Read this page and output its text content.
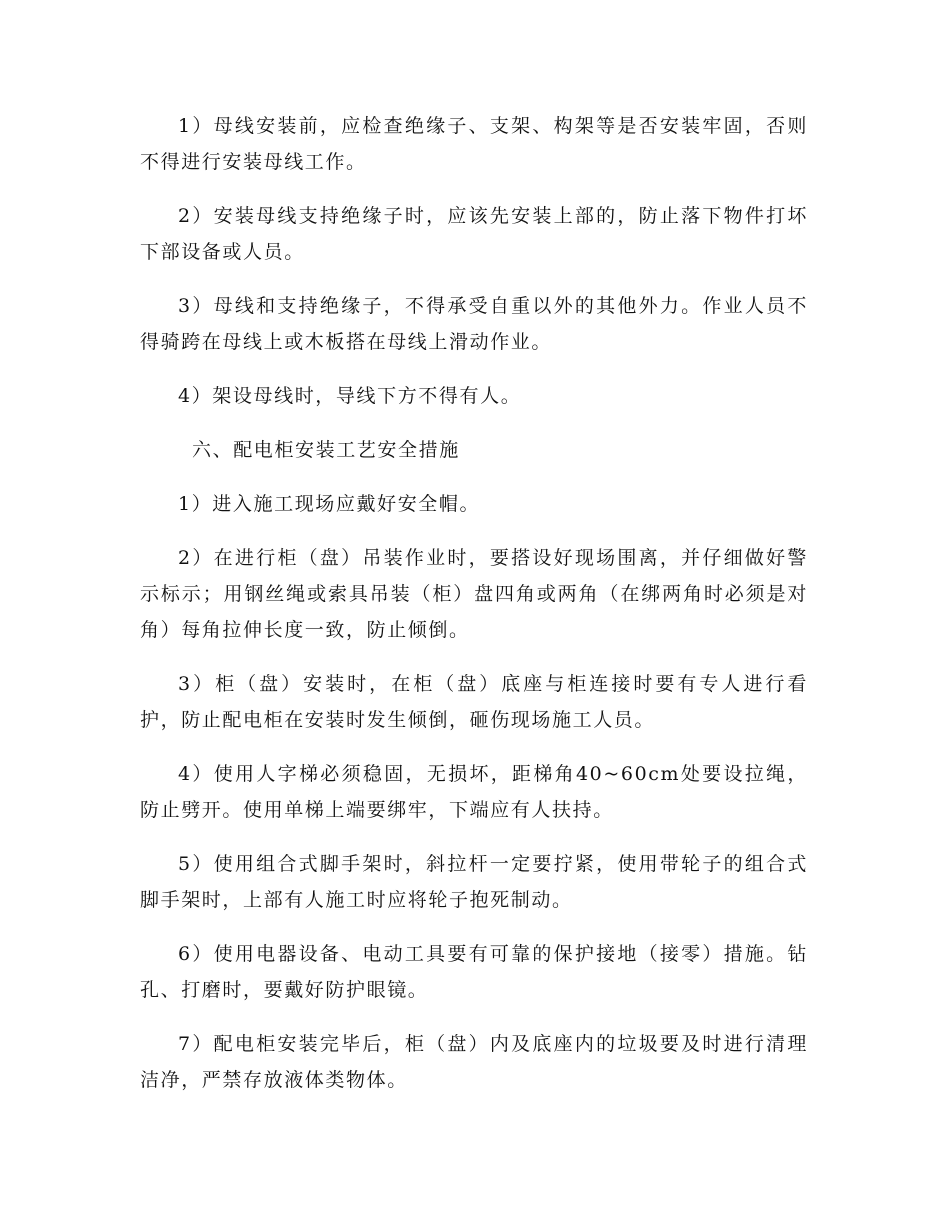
1）母线安装前，应检查绝缘子、支架、构架等是否安装牢固，否则不得进行安装母线工作。

2）安装母线支持绝缘子时，应该先安装上部的，防止落下物件打坏下部设备或人员。

3）母线和支持绝缘子，不得承受自重以外的其他外力。作业人员不得骑跨在母线上或木板搭在母线上滑动作业。

4）架设母线时，导线下方不得有人。

六、配电柜安装工艺安全措施

1）进入施工现场应戴好安全帽。

2）在进行柜（盘）吊装作业时，要搭设好现场围离，并仔细做好警示标示；用钢丝绳或索具吊装（柜）盘四角或两角（在绑两角时必须是对角）每角拉伸长度一致，防止倾倒。

3）柜（盘）安装时，在柜（盘）底座与柜连接时要有专人进行看护，防止配电柜在安装时发生倾倒，砸伤现场施工人员。

4）使用人字梯必须稳固，无损坏，距梯角40~60cm处要设拉绳，防止劈开。使用单梯上端要绑牢，下端应有人扶持。

5）使用组合式脚手架时，斜拉杆一定要拧紧，使用带轮子的组合式脚手架时，上部有人施工时应将轮子抱死制动。

6）使用电器设备、电动工具要有可靠的保护接地（接零）措施。钻孔、打磨时，要戴好防护眼镜。

7）配电柜安装完毕后，柜（盘）内及底座内的垃圾要及时进行清理洁净，严禁存放液体类物体。
